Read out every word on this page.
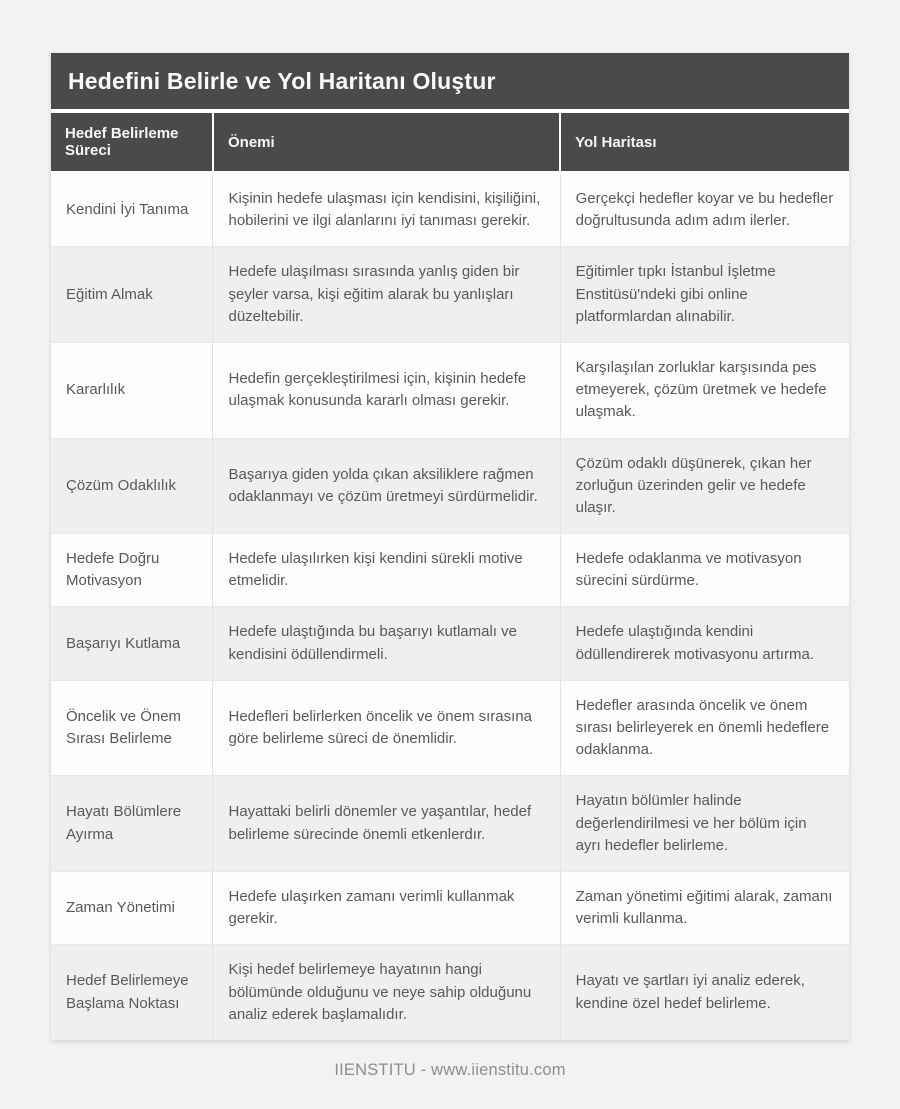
Hedefini Belirle ve Yol Haritanı Oluştur
Hedef Belirleme Süreci	Önemi	Yol Haritası
Kendini İyi Tanıma	Kişinin hedefe ulaşması için kendisini, kişiliğini, hobilerini ve ilgi alanlarını iyi tanıması gerekir.	Gerçekçi hedefler koyar ve bu hedefler doğrultusunda adım adım ilerler.
Eğitim Almak	Hedefe ulaşılması sırasında yanlış giden bir şeyler varsa, kişi eğitim alarak bu yanlışları düzeltebilir.	Eğitimler tıpkı İstanbul İşletme Enstitüsü'ndeki gibi online platformlardan alınabilir.
Kararlılık	Hedefin gerçekleştirilmesi için, kişinin hedefe ulaşmak konusunda kararlı olması gerekir.	Karşılaşılan zorluklar karşısında pes etmeyerek, çözüm üretmek ve hedefe ulaşmak.
Çözüm Odaklılık	Başarıya giden yolda çıkan aksiliklere rağmen odaklanmayı ve çözüm üretmeyi sürdürmelidir.	Çözüm odaklı düşünerek, çıkan her zorluğun üzerinden gelir ve hedefe ulaşır.
Hedefe Doğru Motivasyon	Hedefe ulaşılırken kişi kendini sürekli motive etmelidir.	Hedefe odaklanma ve motivasyon sürecini sürdürme.
Başarıyı Kutlama	Hedefe ulaştığında bu başarıyı kutlamalı ve kendisini ödüllendirmeli.	Hedefe ulaştığında kendini ödüllendirerek motivasyonu artırma.
Öncelik ve Önem Sırası Belirleme	Hedefleri belirlerken öncelik ve önem sırasına göre belirleme süreci de önemlidir.	Hedefler arasında öncelik ve önem sırası belirleyerek en önemli hedeflere odaklanma.
Hayatı Bölümlere Ayırma	Hayattaki belirli dönemler ve yaşantılar, hedef belirleme sürecinde önemli etkenlerdır.	Hayatın bölümler halinde değerlendirilmesi ve her bölüm için ayrı hedefler belirleme.
Zaman Yönetimi	Hedefe ulaşırken zamanı verimli kullanmak gerekir.	Zaman yönetimi eğitimi alarak, zamanı verimli kullanma.
Hedef Belirlemeye Başlama Noktası	Kişi hedef belirlemeye hayatının hangi bölümünde olduğunu ve neye sahip olduğunu analiz ederek başlamalıdır.	Hayatı ve şartları iyi analiz ederek, kendine özel hedef belirleme.
IIENSTITU - www.iienstitu.com
